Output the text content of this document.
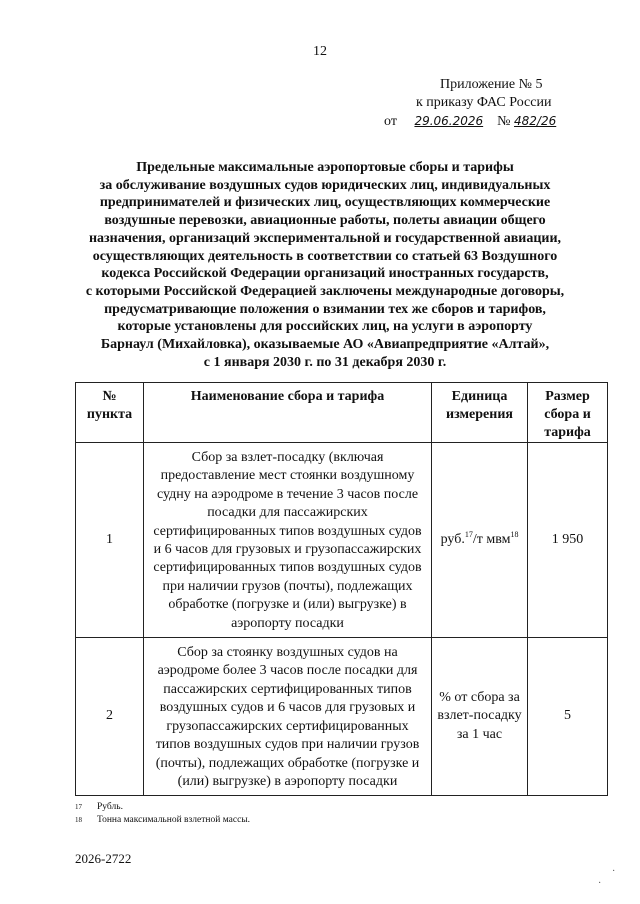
12
Приложение № 5
к приказу ФАС России
от 29.06.2026 № 482/26
Предельные максимальные аэропортовые сборы и тарифы
за обслуживание воздушных судов юридических лиц, индивидуальных
предпринимателей и физических лиц, осуществляющих коммерческие
воздушные перевозки, авиационные работы, полеты авиации общего
назначения, организаций экспериментальной и государственной авиации,
осуществляющих деятельность в соответствии со статьей 63 Воздушного
кодекса Российской Федерации организаций иностранных государств,
с которыми Российской Федерацией заключены международные договоры,
предусматривающие положения о взимании тех же сборов и тарифов,
которые установлены для российских лиц, на услуги в аэропорту
Барнаул (Михайловка), оказываемые АО «Авиапредприятие «Алтай»,
с 1 января 2030 г. по 31 декабря 2030 г.
№ пункта	Наименование сбора и тарифа	Единица измерения	Размер сбора и тарифа
1	Сбор за взлет-посадку (включая предоставление мест стоянки воздушному судну на аэродроме в течение 3 часов после посадки для пассажирских сертифицированных типов воздушных судов и 6 часов для грузовых и грузопассажирских сертифицированных типов воздушных судов при наличии грузов (почты), подлежащих обработке (погрузке и (или) выгрузке) в аэропорту посадки	руб.$^{17}$/т мвм$^{18}$	1 950
2	Сбор за стоянку воздушных судов на аэродроме более 3 часов после посадки для пассажирских сертифицированных типов воздушных судов и 6 часов для грузовых и грузопассажирских сертифицированных типов воздушных судов при наличии грузов (почты), подлежащих обработке (погрузке и (или) выгрузке) в аэропорту посадки	% от сбора за взлет-посадку за 1 час	5
17	Рубль.
18	Тонна максимальной взлетной массы.
2026-2722
·
·
